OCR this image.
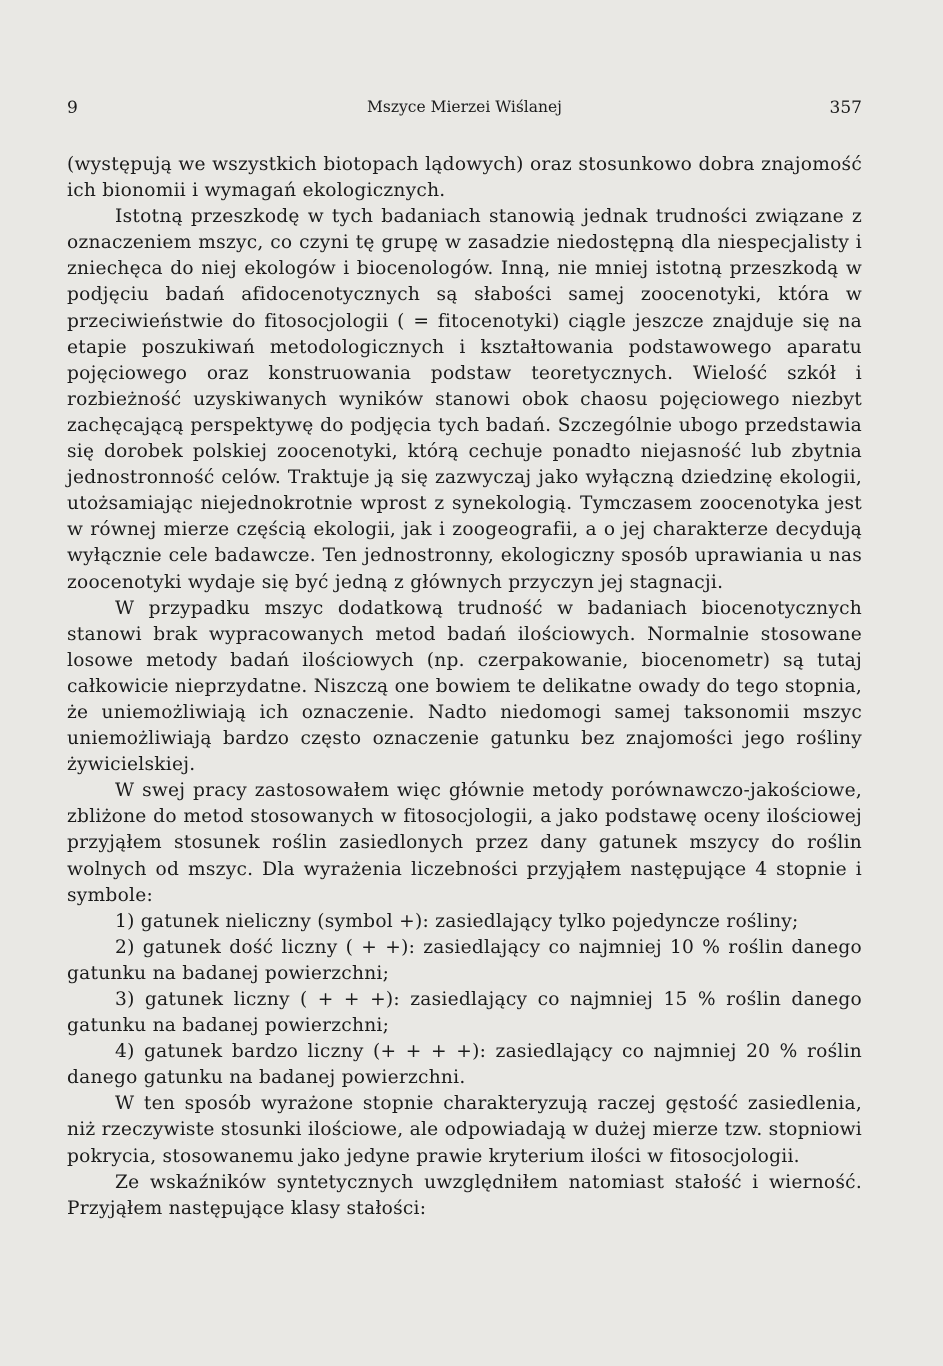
9	Mszyce Mierzei Wiślanej	357

(występują we wszystkich biotopach lądowych) oraz stosunkowo dobra znajomość ich bionomii i wymagań ekologicznych.

Istotną przeszkodę w tych badaniach stanowią jednak trudności związane z oznaczeniem mszyc, co czyni tę grupę w zasadzie niedostępną dla niespecjalisty i zniechęca do niej ekologów i biocenologów. Inną, nie mniej istotną przeszkodą w podjęciu badań afidocenotycznych są słabości samej zoocenotyki, która w przeciwieństwie do fitosocjologii ( = fitocenotyki) ciągle jeszcze znajduje się na etapie poszukiwań metodologicznych i kształtowania podstawowego aparatu pojęciowego oraz konstruowania podstaw teoretycznych. Wielość szkół i rozbieżność uzyskiwanych wyników stanowi obok chaosu pojęciowego niezbyt zachęcającą perspektywę do podjęcia tych badań. Szczególnie ubogo przedstawia się dorobek polskiej zoocenotyki, którą cechuje ponadto niejasność lub zbytnia jednostronność celów. Traktuje ją się zazwyczaj jako wyłączną dziedzinę ekologii, utożsamiając niejednokrotnie wprost z synekologią. Tymczasem zoocenotyka jest w równej mierze częścią ekologii, jak i zoogeografii, a o jej charakterze decydują wyłącznie cele badawcze. Ten jednostronny, ekologiczny sposób uprawiania u nas zoocenotyki wydaje się być jedną z głównych przyczyn jej stagnacji.

W przypadku mszyc dodatkową trudność w badaniach biocenotycznych stanowi brak wypracowanych metod badań ilościowych. Normalnie stosowane losowe metody badań ilościowych (np. czerpakowanie, biocenometr) są tutaj całkowicie nieprzydatne. Niszczą one bowiem te delikatne owady do tego stopnia, że uniemożliwiają ich oznaczenie. Nadto niedomogi samej taksonomii mszyc uniemożliwiają bardzo często oznaczenie gatunku bez znajomości jego rośliny żywicielskiej.

W swej pracy zastosowałem więc głównie metody porównawczo-jakościowe, zbliżone do metod stosowanych w fitosocjologii, a jako podstawę oceny ilościowej przyjąłem stosunek roślin zasiedlonych przez dany gatunek mszycy do roślin wolnych od mszyc. Dla wyrażenia liczebności przyjąłem następujące 4 stopnie i symbole:

1) gatunek nieliczny (symbol +): zasiedlający tylko pojedyncze rośliny;

2) gatunek dość liczny ( + +): zasiedlający co najmniej 10 % roślin danego gatunku na badanej powierzchni;

3) gatunek liczny ( + + +): zasiedlający co najmniej 15 % roślin danego gatunku na badanej powierzchni;

4) gatunek bardzo liczny (+ + + +): zasiedlający co najmniej 20 % roślin danego gatunku na badanej powierzchni.

W ten sposób wyrażone stopnie charakteryzują raczej gęstość zasiedlenia, niż rzeczywiste stosunki ilościowe, ale odpowiadają w dużej mierze tzw. stopniowi pokrycia, stosowanemu jako jedyne prawie kryterium ilości w fitosocjologii.

Ze wskaźników syntetycznych uwzględniłem natomiast stałość i wierność. Przyjąłem następujące klasy stałości:
